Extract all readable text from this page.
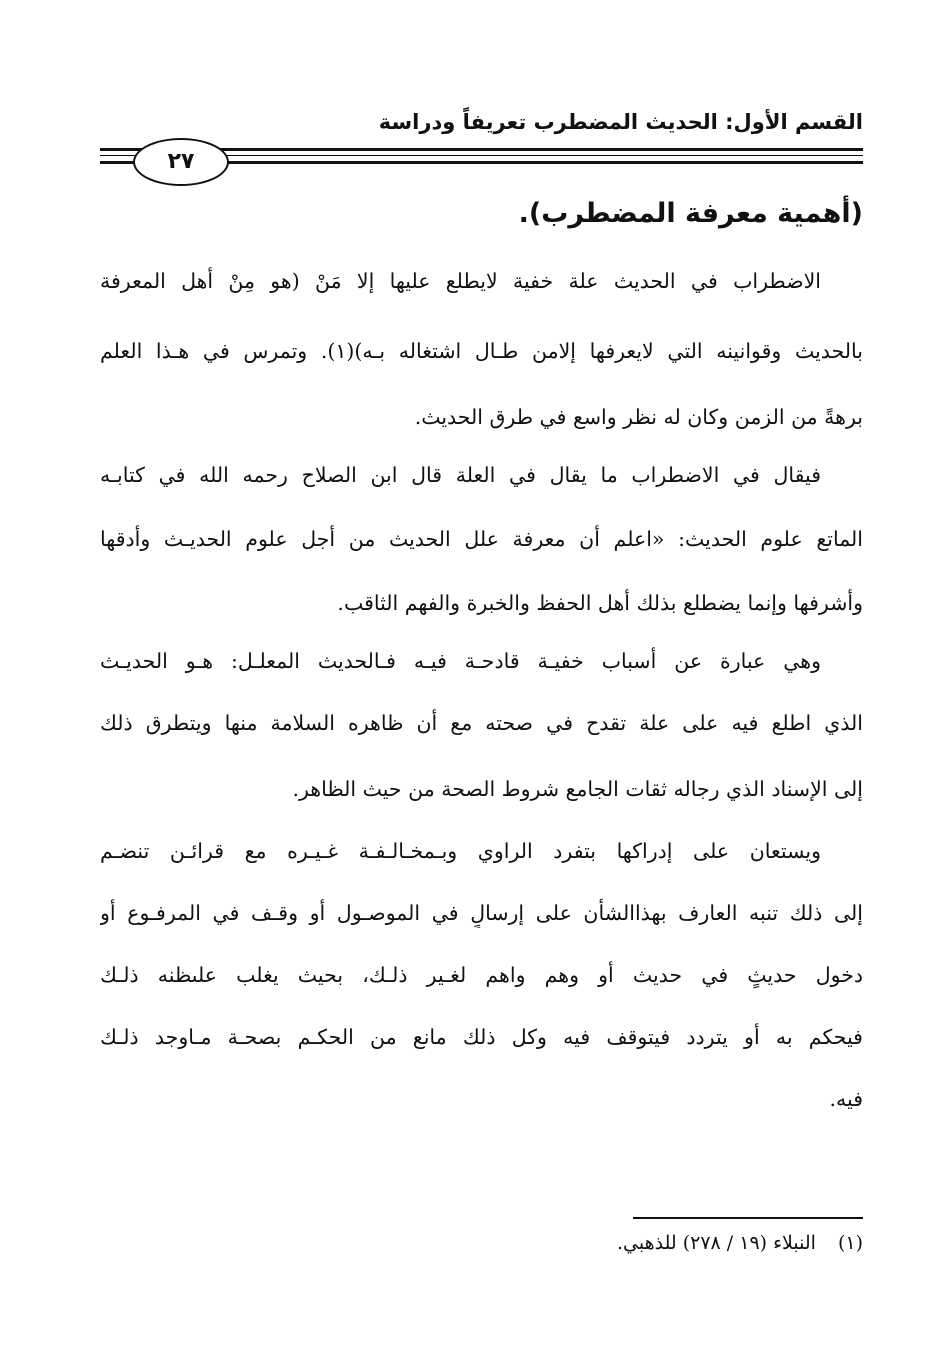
القسم الأول: الحديث المضطرب تعريفاً ودراسة
٢٧
(أهمية معرفة المضطرب).
الاضطراب في الحديث علة خفية لايطلع عليها إلا مَنْ (هو مِنْ أهل المعرفة
بالحديث وقوانينه التي لايعرفها إلامن طـال اشتغاله بـه)(١). وتمرس في هـذا العلم
برهةً من الزمن وكان له نظر واسع في طرق الحديث.
فيقال في الاضطراب ما يقال في العلة قال ابن الصلاح رحمه الله في كتابـه
الماتع علوم الحديث: «اعلم أن معرفة علل الحديث من أجل علوم الحديـث وأدقها
وأشرفها وإنما يضطلع بذلك أهل الحفظ والخبرة والفهم الثاقب.
وهي عبارة عن أسباب خفيـة قادحـة فيـه فـالحديث المعلـل: هـو الحديـث
الذي اطلع فيه على علة تقدح في صحته مع أن ظاهره السلامة منها ويتطرق ذلك
إلى الإسناد الذي رجاله ثقات الجامع شروط الصحة من حيث الظاهر.
ويستعان على إدراكها بتفرد الراوي وبـمخـالـفـة غـيـره مع قرائـن تنضـم
إلى ذلك تنبه العارف بهذاالشأن على إرسالٍ في الموصـول أو وقـف في المرفـوع أو
دخول حديثٍ في حديث أو وهم واهم لغـير ذلـك، بحيث يغلب علىظنه ذلـك
فيحكم به أو يتردد فيتوقف فيه وكل ذلك مانع من الحكـم بصحـة مـاوجد ذلـك
فيه.
(١)النبلاء (١٩ / ٢٧٨) للذهبي.
